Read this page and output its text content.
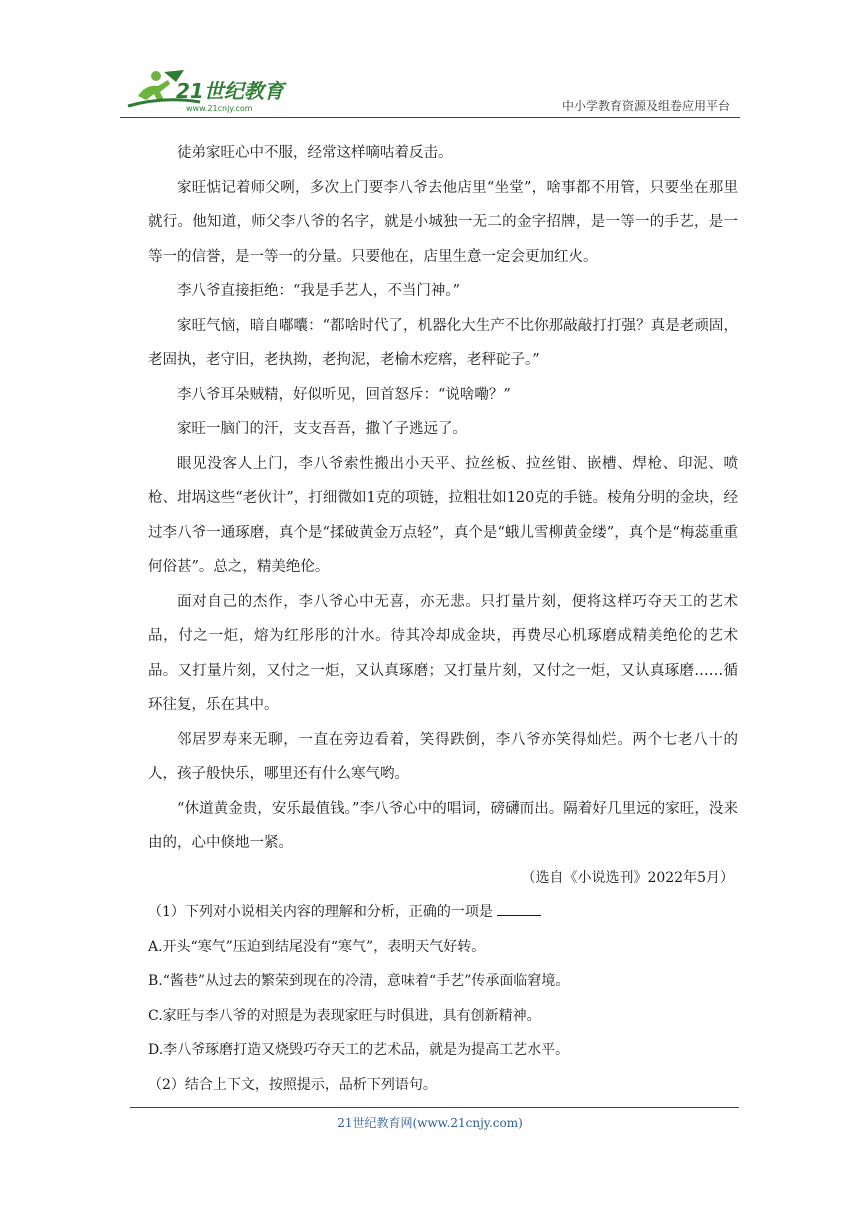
21世纪教育
www.21cnjy.com	中小学教育资源及组卷应用平台

徒弟家旺心中不服，经常这样嘀咕着反击。

家旺惦记着师父咧，多次上门要李八爷去他店里“坐堂”，啥事都不用管，只要坐在那里就行。他知道，师父李八爷的名字，就是小城独一无二的金字招牌，是一等一的手艺，是一等一的信誉，是一等一的分量。只要他在，店里生意一定会更加红火。

李八爷直接拒绝：“我是手艺人，不当门神。”

家旺气恼，暗自嘟囔：“都啥时代了，机器化大生产不比你那敲敲打打强？真是老顽固，老固执，老守旧，老执拗，老拘泥，老榆木疙瘩，老秤砣子。”

李八爷耳朵贼精，好似听见，回首怒斥：“说啥嘞？”

家旺一脑门的汗，支支吾吾，撒丫子逃远了。

眼见没客人上门，李八爷索性搬出小天平、拉丝板、拉丝钳、嵌槽、焊枪、印泥、喷枪、坩埚这些“老伙计”，打细微如1克的项链，拉粗壮如120克的手链。棱角分明的金块，经过李八爷一通琢磨，真个是“揉破黄金万点轻”，真个是“蛾儿雪柳黄金缕”，真个是“梅蕊重重何俗甚”。总之，精美绝伦。

面对自己的杰作，李八爷心中无喜，亦无悲。只打量片刻，便将这样巧夺天工的艺术品，付之一炬，熔为红彤彤的汁水。待其冷却成金块，再费尽心机琢磨成精美绝伦的艺术品。又打量片刻，又付之一炬，又认真琢磨；又打量片刻，又付之一炬，又认真琢磨……循环往复，乐在其中。

邻居罗寿来无聊，一直在旁边看着，笑得跌倒，李八爷亦笑得灿烂。两个七老八十的人，孩子般快乐，哪里还有什么寒气哟。

“休道黄金贵，安乐最值钱。”李八爷心中的唱词，磅礴而出。隔着好几里远的家旺，没来由的，心中倏地一紧。

（选自《小说选刊》2022年5月）

（1）下列对小说相关内容的理解和分析，正确的一项是

A.开头“寒气”压迫到结尾没有“寒气”，表明天气好转。

B.“酱巷”从过去的繁荣到现在的冷清，意味着“手艺”传承面临窘境。

C.家旺与李八爷的对照是为表现家旺与时俱进，具有创新精神。

D.李八爷琢磨打造又烧毁巧夺天工的艺术品，就是为提高工艺水平。

（2）结合上下文，按照提示，品析下列语句。

21世纪教育网(www.21cnjy.com)
